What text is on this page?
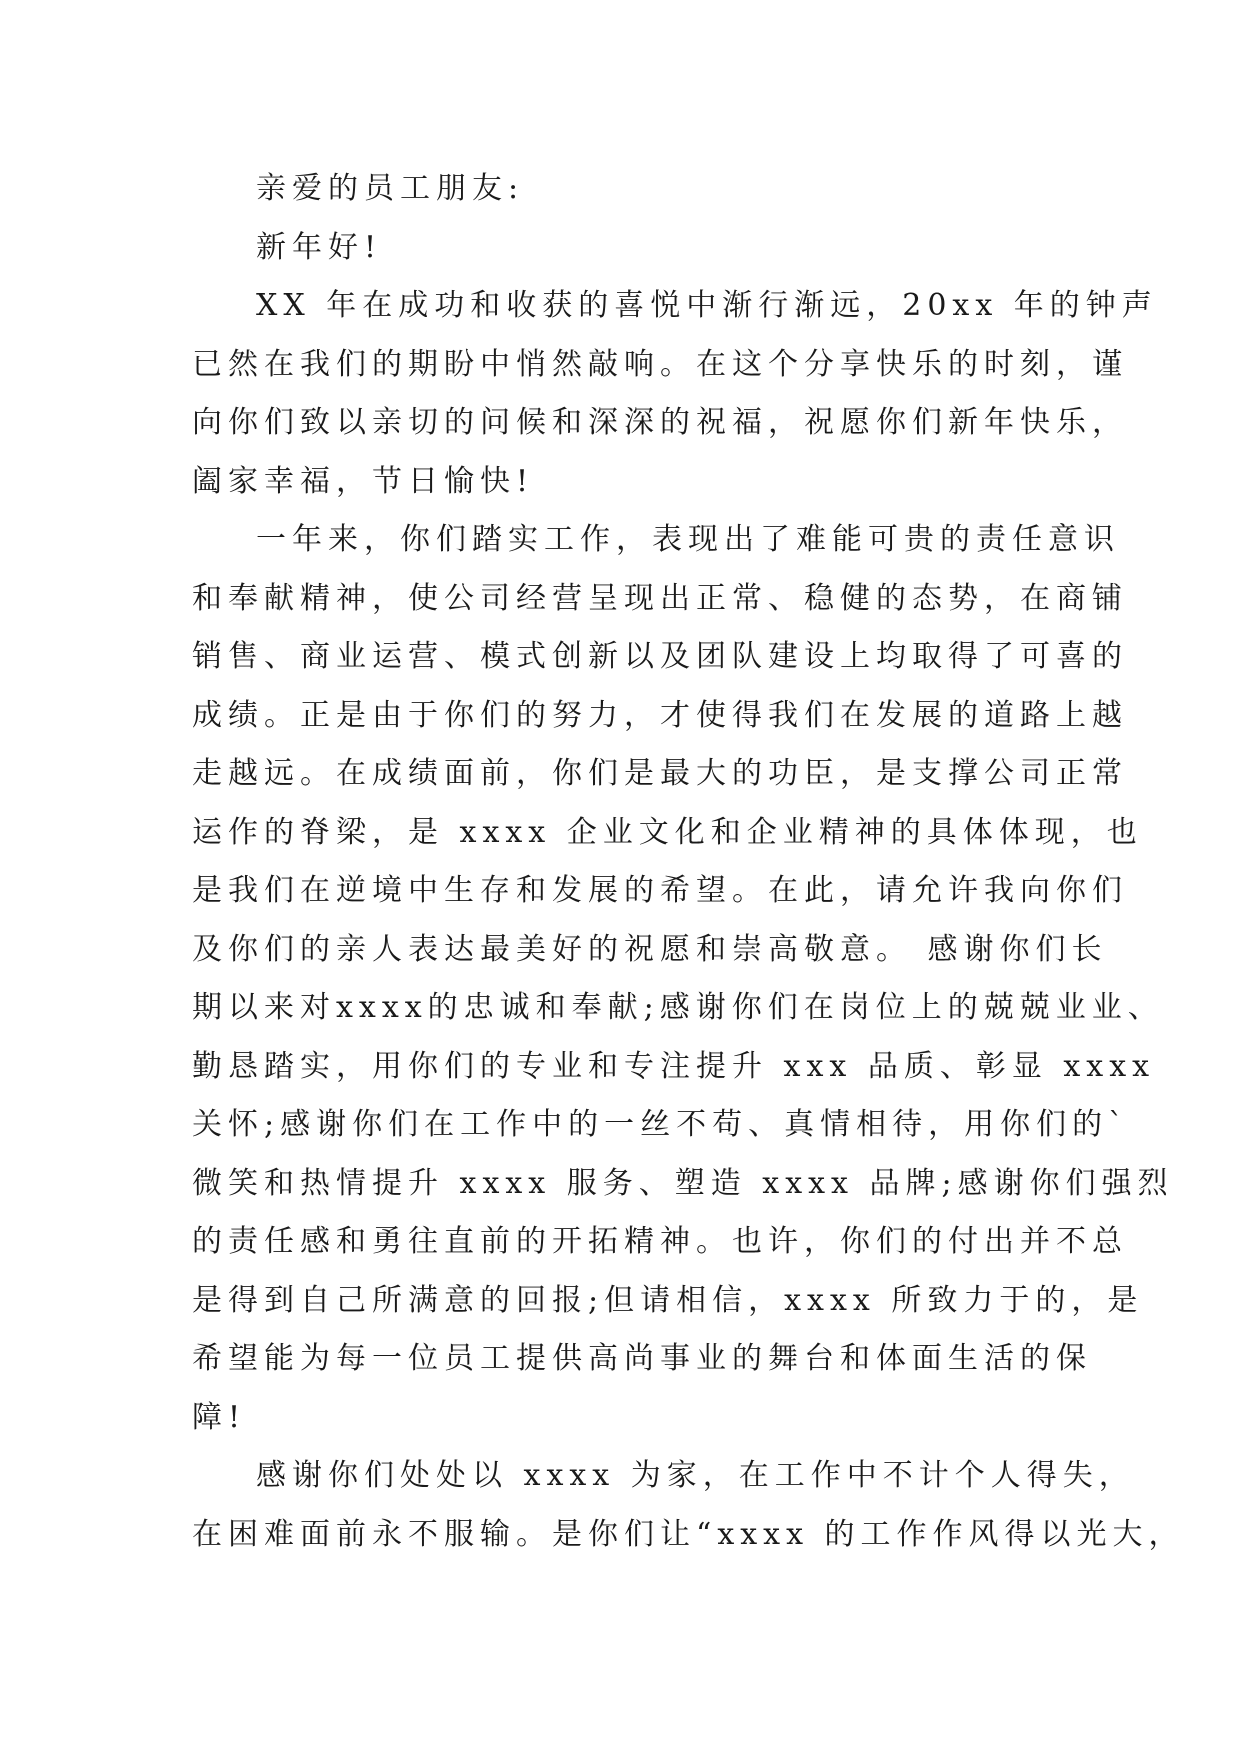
亲爱的员工朋友:
新年好!
XX 年在成功和收获的喜悦中渐行渐远，20xx 年的钟声
已然在我们的期盼中悄然敲响。在这个分享快乐的时刻，谨
向你们致以亲切的问候和深深的祝福，祝愿你们新年快乐，
阖家幸福，节日愉快!
一年来，你们踏实工作，表现出了难能可贵的责任意识
和奉献精神，使公司经营呈现出正常、稳健的态势，在商铺
销售、商业运营、模式创新以及团队建设上均取得了可喜的
成绩。正是由于你们的努力，才使得我们在发展的道路上越
走越远。在成绩面前，你们是最大的功臣，是支撑公司正常
运作的脊梁，是 xxxx 企业文化和企业精神的具体体现，也
是我们在逆境中生存和发展的希望。在此，请允许我向你们
及你们的亲人表达最美好的祝愿和崇高敬意。 感谢你们长
期以来对xxxx的忠诚和奉献;感谢你们在岗位上的兢兢业业、
勤恳踏实，用你们的专业和专注提升 xxx 品质、彰显 xxxx
关怀;感谢你们在工作中的一丝不苟、真情相待，用你们的`
微笑和热情提升 xxxx 服务、塑造 xxxx 品牌;感谢你们强烈
的责任感和勇往直前的开拓精神。也许，你们的付出并不总
是得到自己所满意的回报;但请相信，xxxx 所致力于的，是
希望能为每一位员工提供高尚事业的舞台和体面生活的保
障!
感谢你们处处以 xxxx 为家，在工作中不计个人得失，
在困难面前永不服输。是你们让“xxxx 的工作作风得以光大，
